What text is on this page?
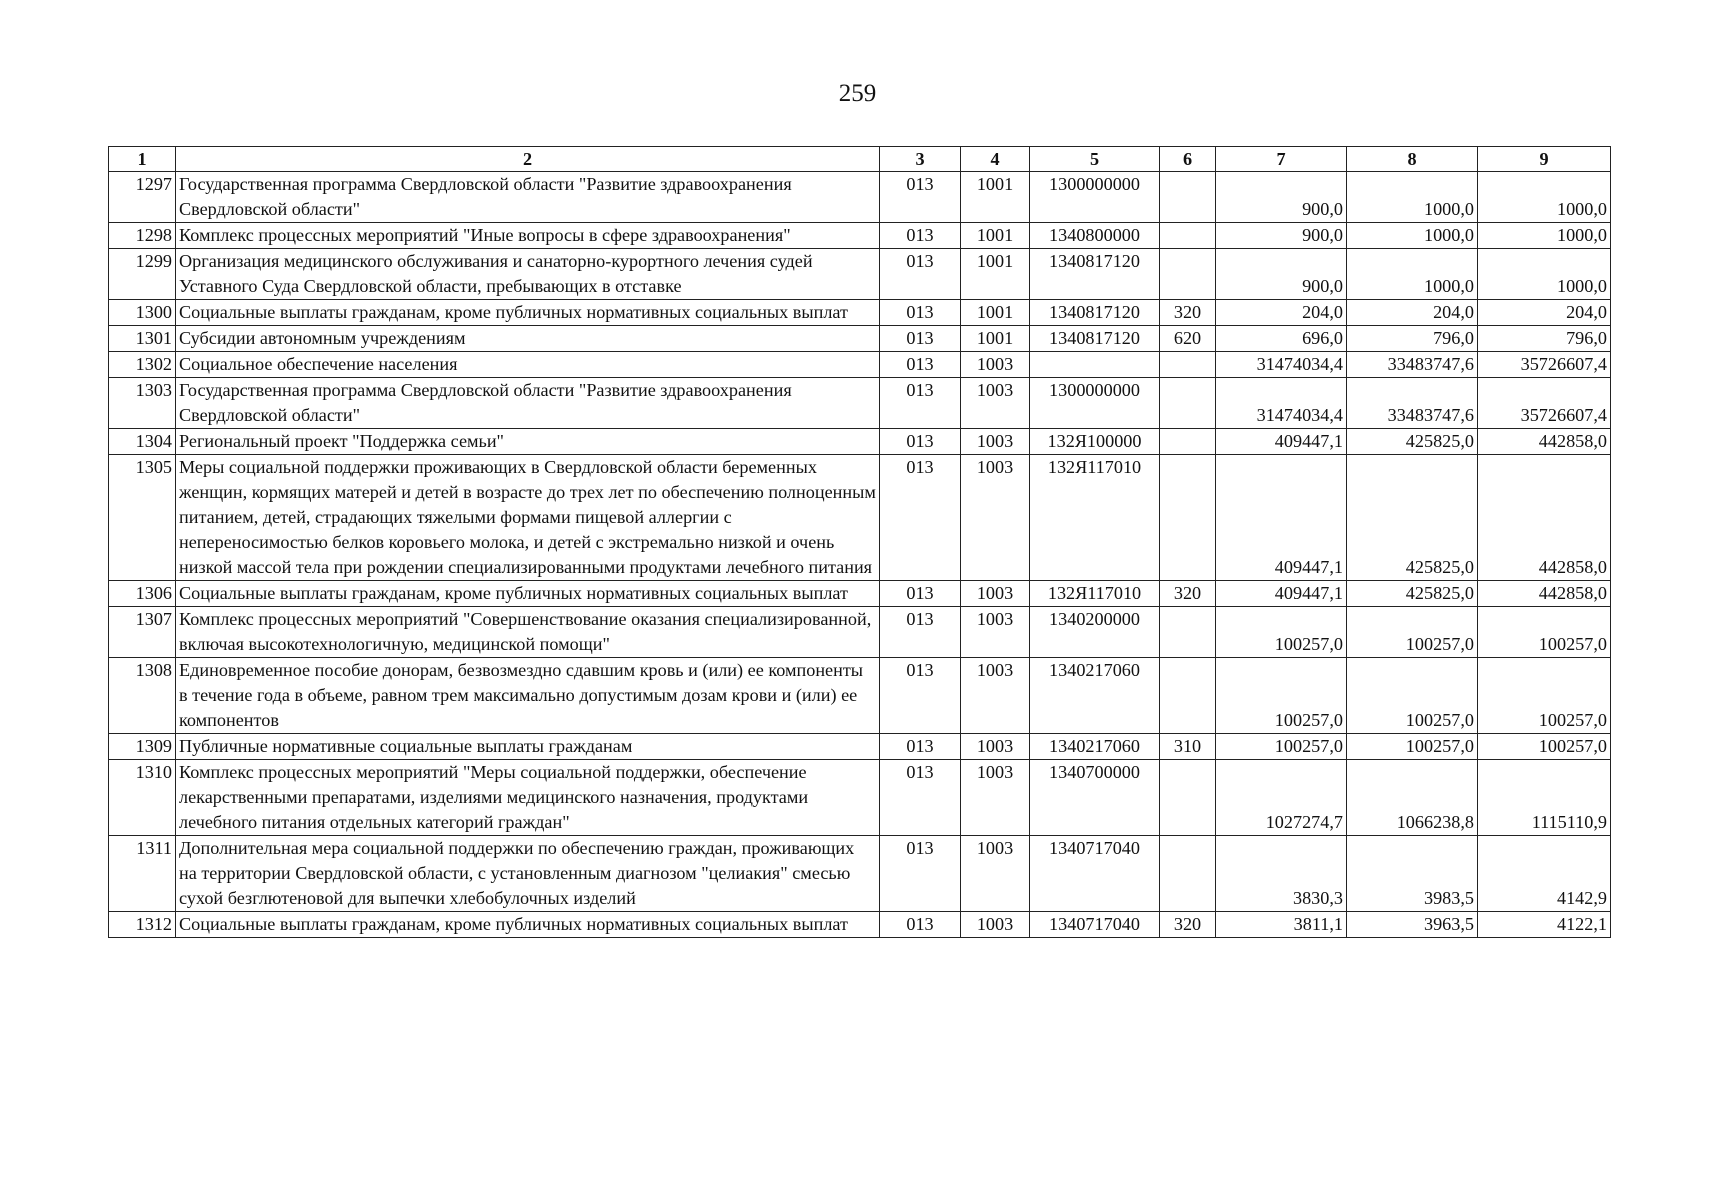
259
1	2	3	4	5	6	7	8	9
1297	Государственная программа Свердловской области "Развитие здравоохранения Свердловской области"	013	1001	1300000000		900,0	1000,0	1000,0
1298	Комплекс процессных мероприятий "Иные вопросы в сфере здравоохранения"	013	1001	1340800000		900,0	1000,0	1000,0
1299	Организация медицинского обслуживания и санаторно-курортного лечения судей Уставного Суда Свердловской области, пребывающих в отставке	013	1001	1340817120		900,0	1000,0	1000,0
1300	Социальные выплаты гражданам, кроме публичных нормативных социальных выплат	013	1001	1340817120	320	204,0	204,0	204,0
1301	Субсидии автономным учреждениям	013	1001	1340817120	620	696,0	796,0	796,0
1302	Социальное обеспечение населения	013	1003			31474034,4	33483747,6	35726607,4
1303	Государственная программа Свердловской области "Развитие здравоохранения Свердловской области"	013	1003	1300000000		31474034,4	33483747,6	35726607,4
1304	Региональный проект "Поддержка семьи"	013	1003	132Я100000		409447,1	425825,0	442858,0
1305	Меры социальной поддержки проживающих в Свердловской области беременных женщин, кормящих матерей и детей в возрасте до трех лет по обеспечению полноценным питанием, детей, страдающих тяжелыми формами пищевой аллергии с непереносимостью белков коровьего молока, и детей с экстремально низкой и очень низкой массой тела при рождении специализированными продуктами лечебного питания	013	1003	132Я117010		409447,1	425825,0	442858,0
1306	Социальные выплаты гражданам, кроме публичных нормативных социальных выплат	013	1003	132Я117010	320	409447,1	425825,0	442858,0
1307	Комплекс процессных мероприятий "Совершенствование оказания специализированной, включая высокотехнологичную, медицинской помощи"	013	1003	1340200000		100257,0	100257,0	100257,0
1308	Единовременное пособие донорам, безвозмездно сдавшим кровь и (или) ее компоненты в течение года в объеме, равном трем максимально допустимым дозам крови и (или) ее компонентов	013	1003	1340217060		100257,0	100257,0	100257,0
1309	Публичные нормативные социальные выплаты гражданам	013	1003	1340217060	310	100257,0	100257,0	100257,0
1310	Комплекс процессных мероприятий "Меры социальной поддержки, обеспечение лекарственными препаратами, изделиями медицинского назначения, продуктами лечебного питания отдельных категорий граждан"	013	1003	1340700000		1027274,7	1066238,8	1115110,9
1311	Дополнительная мера социальной поддержки по обеспечению граждан, проживающих на территории Свердловской области, с установленным диагнозом "целиакия" смесью сухой безглютеновой для выпечки хлебобулочных изделий	013	1003	1340717040		3830,3	3983,5	4142,9
1312	Социальные выплаты гражданам, кроме публичных нормативных социальных выплат	013	1003	1340717040	320	3811,1	3963,5	4122,1
